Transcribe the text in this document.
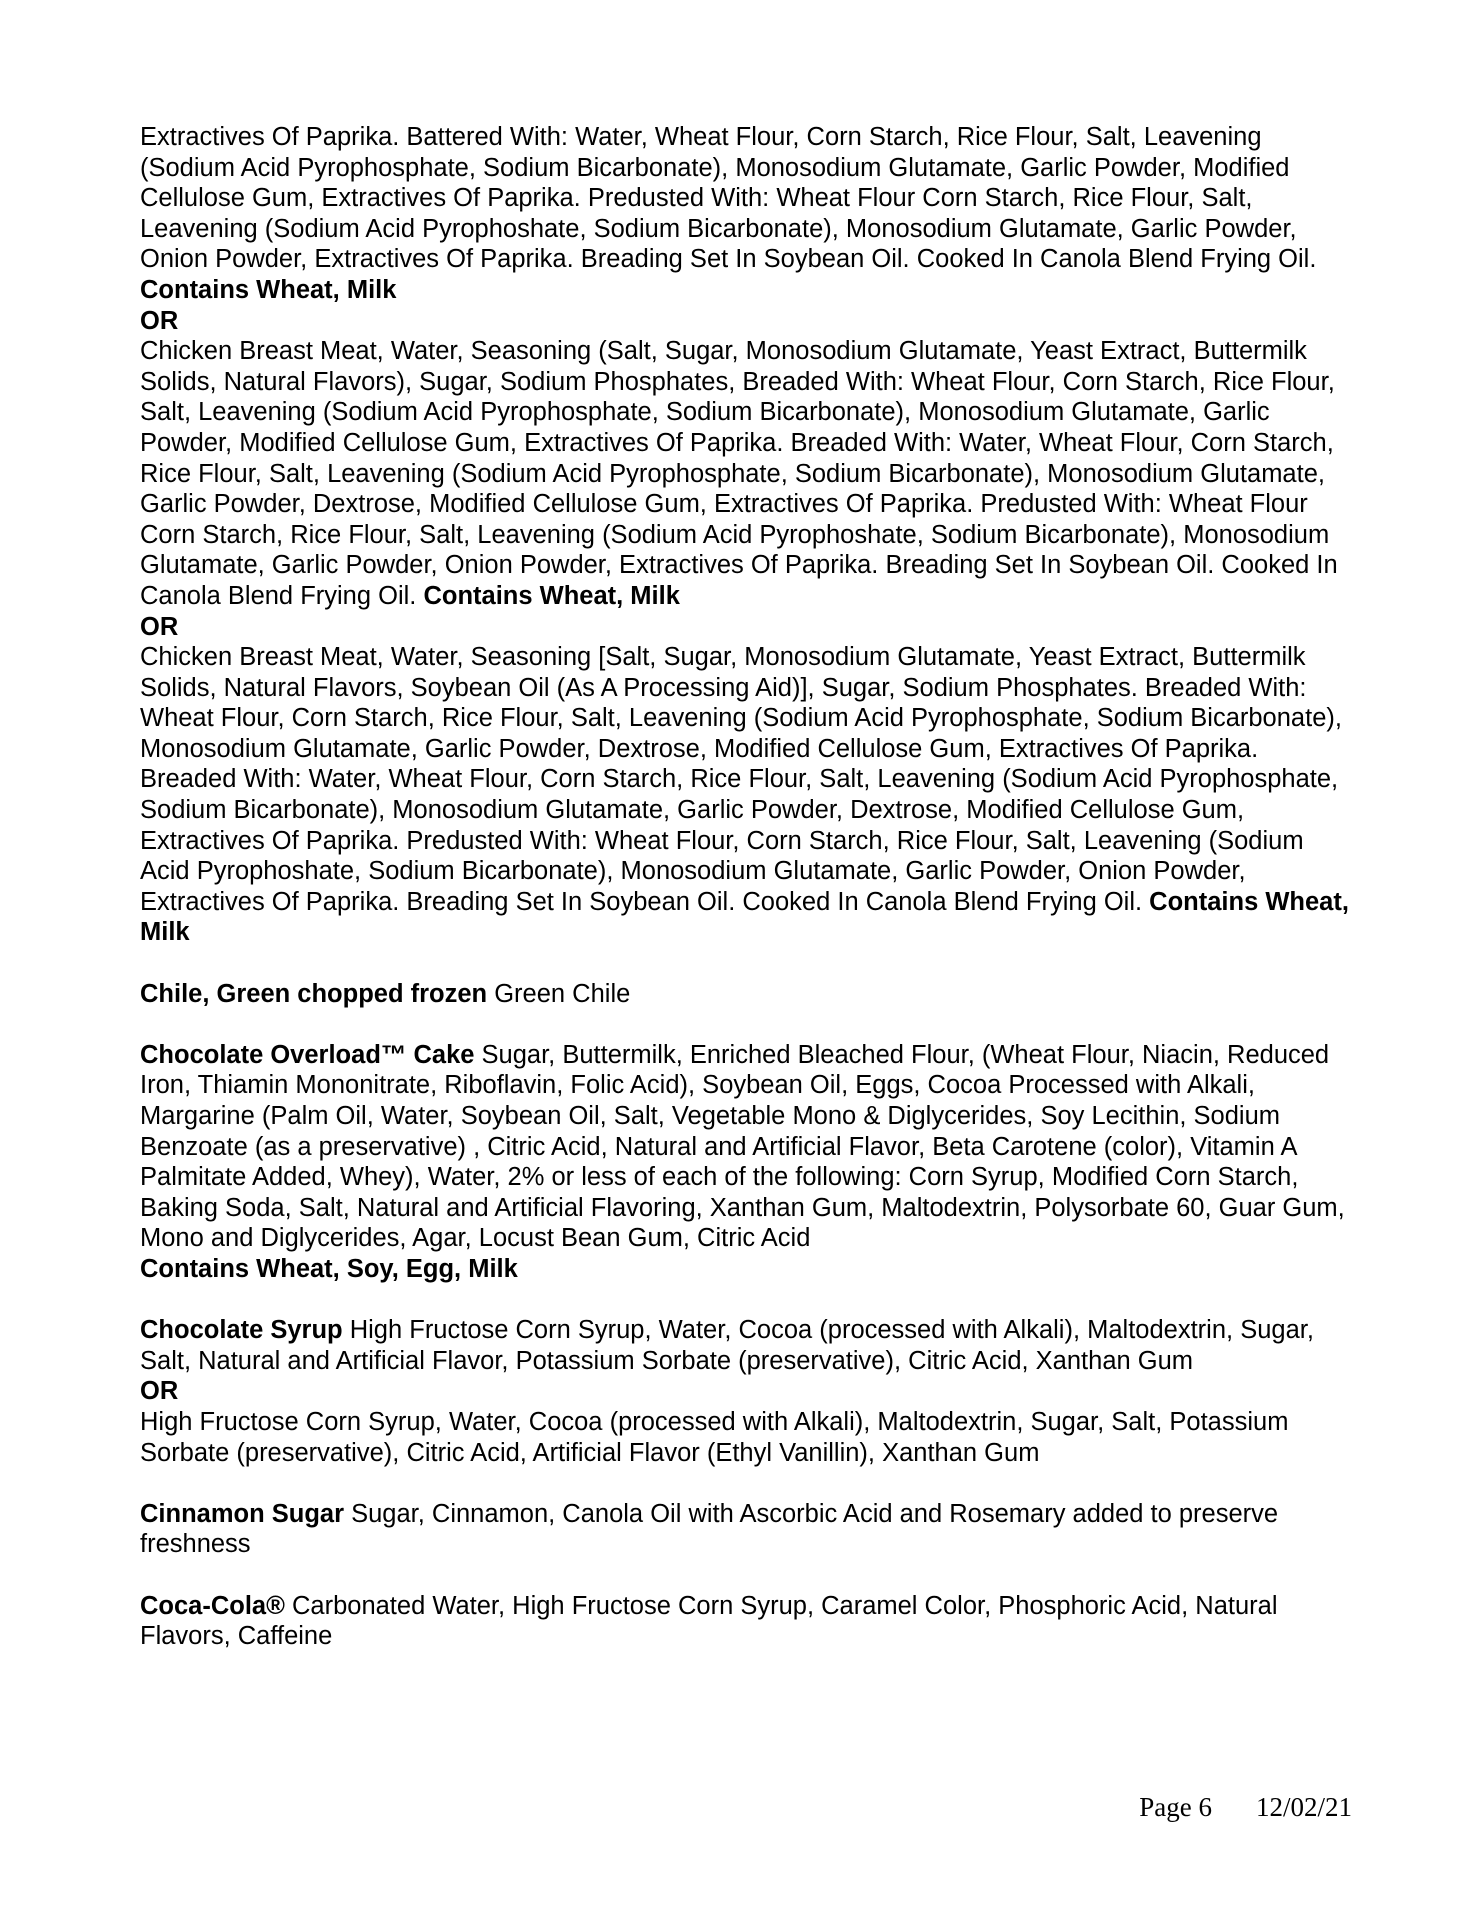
Extractives Of Paprika. Battered With: Water, Wheat Flour, Corn Starch, Rice Flour, Salt, Leavening (Sodium Acid Pyrophosphate, Sodium Bicarbonate), Monosodium Glutamate, Garlic Powder, Modified Cellulose Gum, Extractives Of Paprika. Predusted With: Wheat Flour Corn Starch, Rice Flour, Salt, Leavening (Sodium Acid Pyrophoshate, Sodium Bicarbonate), Monosodium Glutamate, Garlic Powder, Onion Powder, Extractives Of Paprika. Breading Set In Soybean Oil. Cooked In Canola Blend Frying Oil. Contains Wheat, Milk

OR

Chicken Breast Meat, Water, Seasoning (Salt, Sugar, Monosodium Glutamate, Yeast Extract, Buttermilk Solids, Natural Flavors), Sugar, Sodium Phosphates, Breaded With: Wheat Flour, Corn Starch, Rice Flour, Salt, Leavening (Sodium Acid Pyrophosphate, Sodium Bicarbonate), Monosodium Glutamate, Garlic Powder, Modified Cellulose Gum, Extractives Of Paprika. Breaded With: Water, Wheat Flour, Corn Starch, Rice Flour, Salt, Leavening (Sodium Acid Pyrophosphate, Sodium Bicarbonate), Monosodium Glutamate, Garlic Powder, Dextrose, Modified Cellulose Gum, Extractives Of Paprika. Predusted With: Wheat Flour Corn Starch, Rice Flour, Salt, Leavening (Sodium Acid Pyrophoshate, Sodium Bicarbonate), Monosodium Glutamate, Garlic Powder, Onion Powder, Extractives Of Paprika. Breading Set In Soybean Oil. Cooked In Canola Blend Frying Oil. Contains Wheat, Milk

OR

Chicken Breast Meat, Water, Seasoning [Salt, Sugar, Monosodium Glutamate, Yeast Extract, Buttermilk Solids, Natural Flavors, Soybean Oil (As A Processing Aid)], Sugar, Sodium Phosphates. Breaded With: Wheat Flour, Corn Starch, Rice Flour, Salt, Leavening (Sodium Acid Pyrophosphate, Sodium Bicarbonate), Monosodium Glutamate, Garlic Powder, Dextrose, Modified Cellulose Gum, Extractives Of Paprika. Breaded With: Water, Wheat Flour, Corn Starch, Rice Flour, Salt, Leavening (Sodium Acid Pyrophosphate, Sodium Bicarbonate), Monosodium Glutamate, Garlic Powder, Dextrose, Modified Cellulose Gum, Extractives Of Paprika. Predusted With: Wheat Flour, Corn Starch, Rice Flour, Salt, Leavening (Sodium Acid Pyrophoshate, Sodium Bicarbonate), Monosodium Glutamate, Garlic Powder, Onion Powder, Extractives Of Paprika. Breading Set In Soybean Oil. Cooked In Canola Blend Frying Oil. Contains Wheat, Milk

Chile, Green chopped frozen Green Chile

Chocolate Overload™ Cake Sugar, Buttermilk, Enriched Bleached Flour, (Wheat Flour, Niacin, Reduced Iron, Thiamin Mononitrate, Riboflavin, Folic Acid), Soybean Oil, Eggs, Cocoa Processed with Alkali, Margarine (Palm Oil, Water, Soybean Oil, Salt, Vegetable Mono & Diglycerides, Soy Lecithin, Sodium Benzoate (as a preservative) , Citric Acid, Natural and Artificial Flavor, Beta Carotene (color), Vitamin A Palmitate Added, Whey), Water, 2% or less of each of the following: Corn Syrup, Modified Corn Starch, Baking Soda, Salt, Natural and Artificial Flavoring, Xanthan Gum, Maltodextrin, Polysorbate 60, Guar Gum, Mono and Diglycerides, Agar, Locust Bean Gum, Citric Acid

Contains Wheat, Soy, Egg, Milk

Chocolate Syrup High Fructose Corn Syrup, Water, Cocoa (processed with Alkali), Maltodextrin, Sugar, Salt, Natural and Artificial Flavor, Potassium Sorbate (preservative), Citric Acid, Xanthan Gum

OR

High Fructose Corn Syrup, Water, Cocoa (processed with Alkali), Maltodextrin, Sugar, Salt, Potassium Sorbate (preservative), Citric Acid, Artificial Flavor (Ethyl Vanillin), Xanthan Gum

Cinnamon Sugar Sugar, Cinnamon, Canola Oil with Ascorbic Acid and Rosemary added to preserve freshness

Coca-Cola® Carbonated Water, High Fructose Corn Syrup, Caramel Color, Phosphoric Acid, Natural Flavors, Caffeine

Page 6 12/02/21
